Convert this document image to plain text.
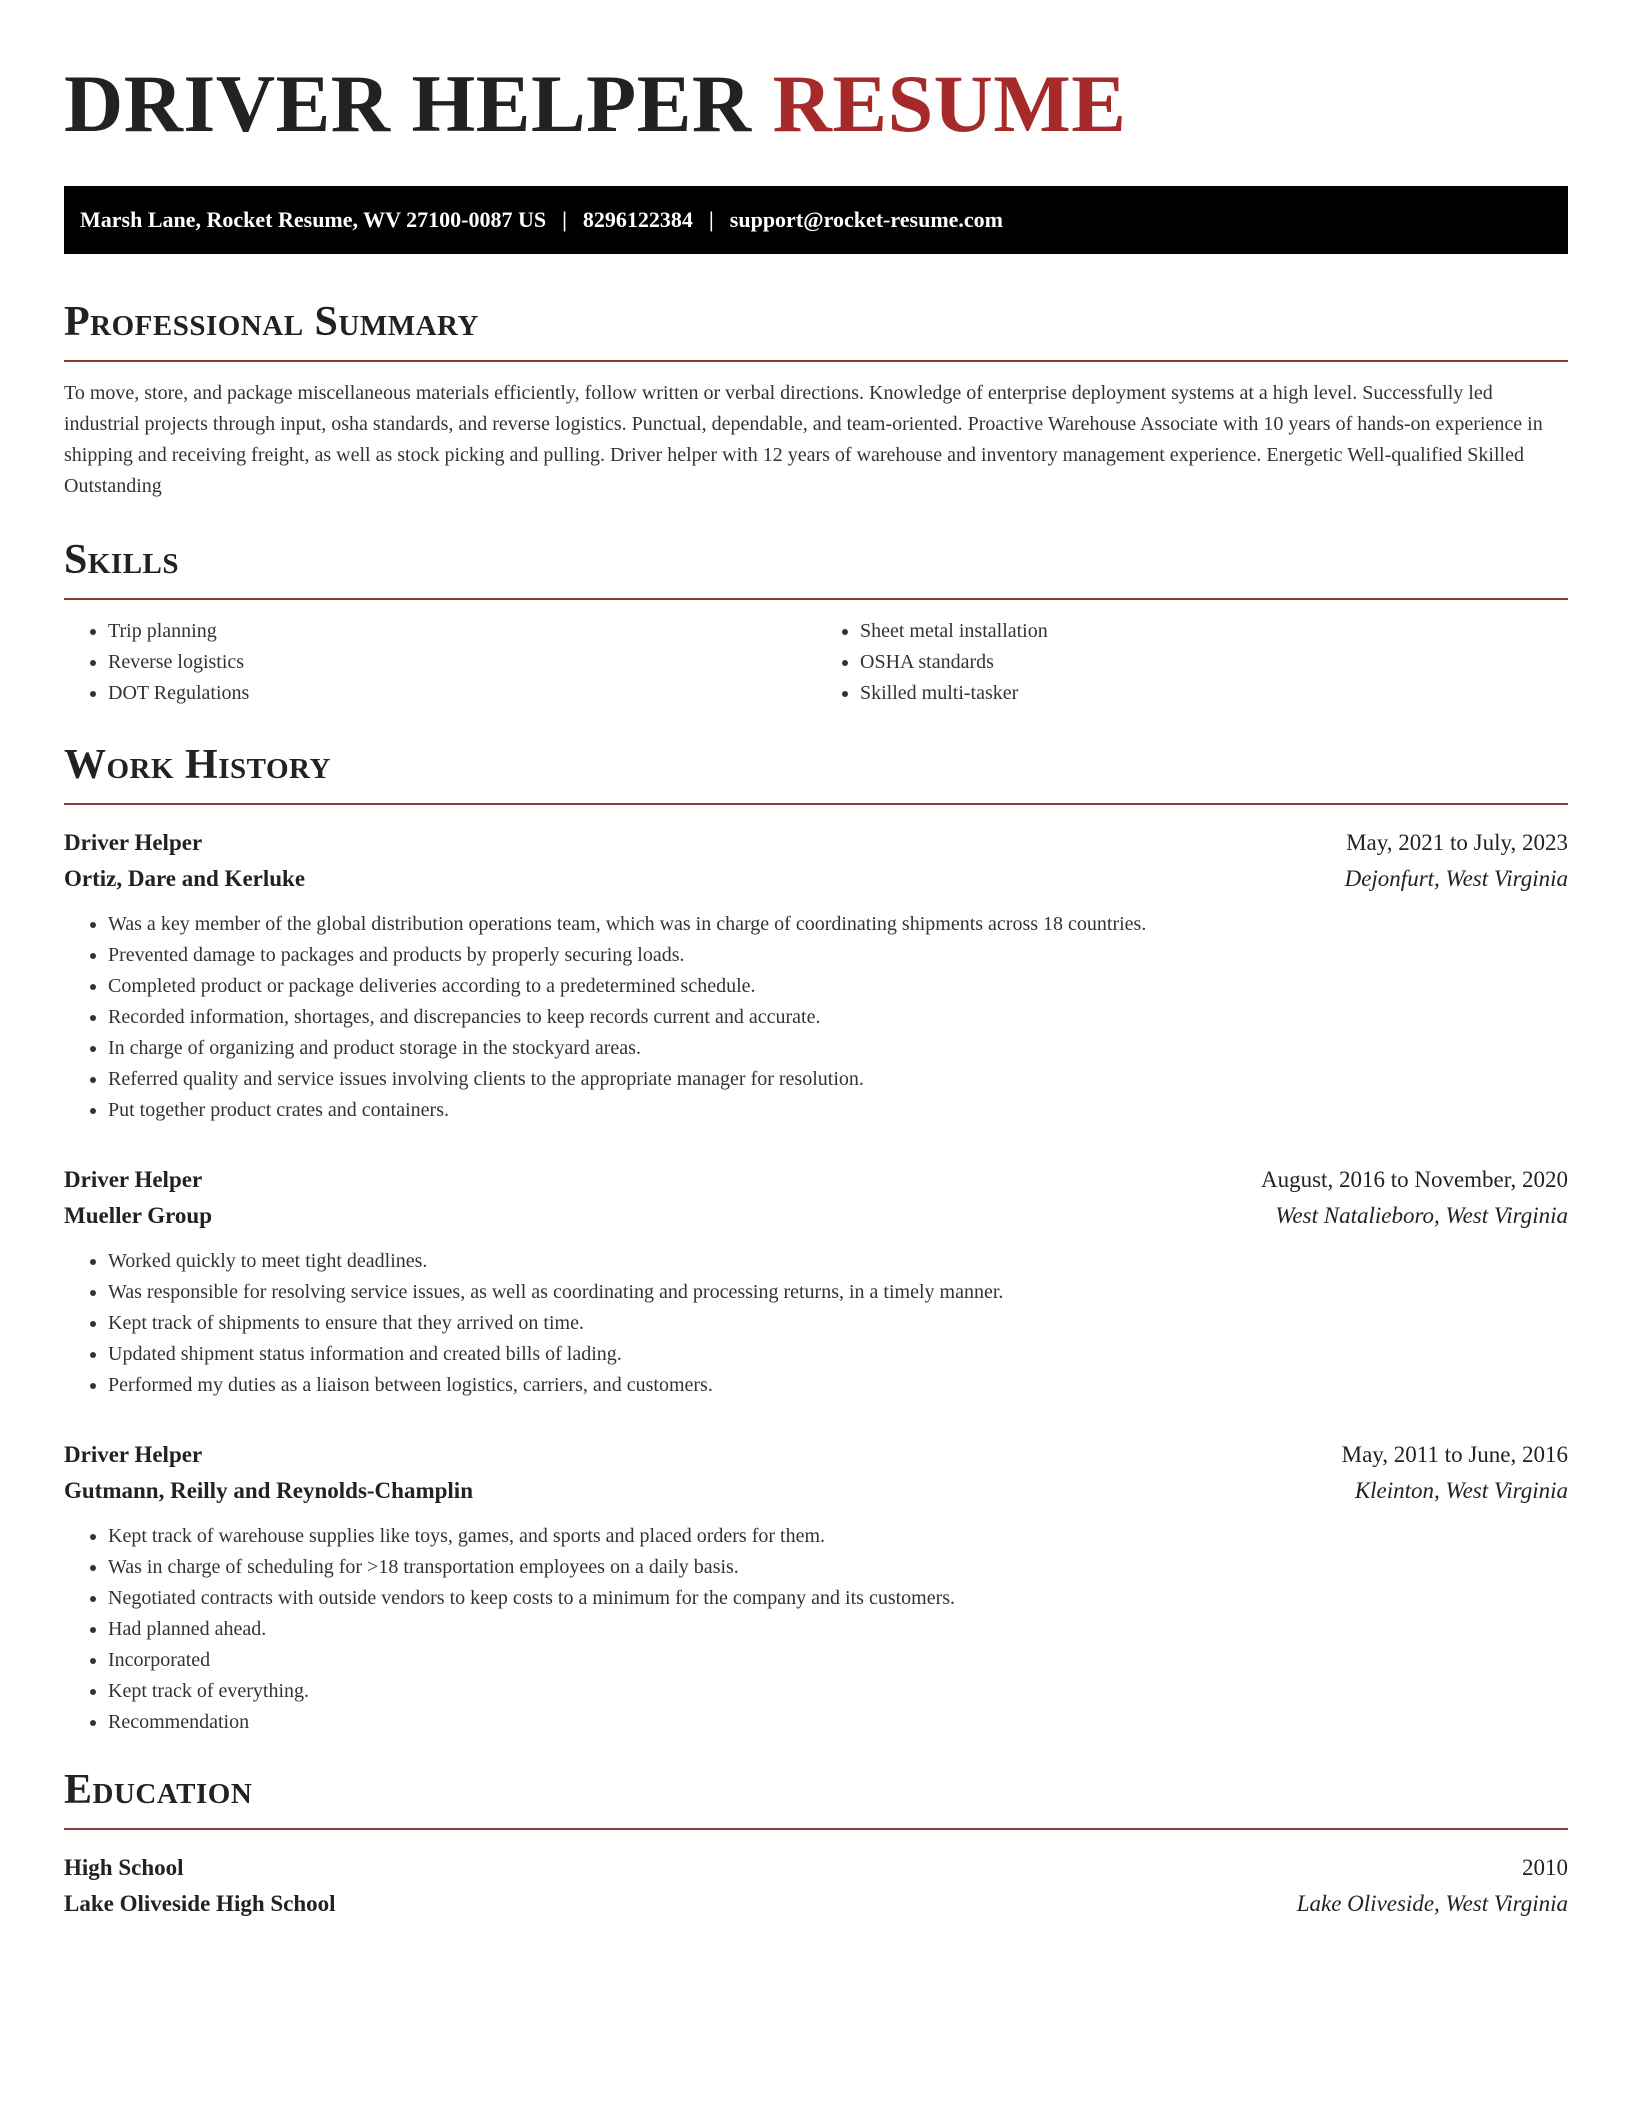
DRIVER HELPER RESUME
Marsh Lane, Rocket Resume, WV 27100-0087 US | 8296122384 | support@rocket-resume.com
Professional Summary

To move, store, and package miscellaneous materials efficiently, follow written or verbal directions. Knowledge of enterprise deployment systems at a high level. Successfully led industrial projects through input, osha standards, and reverse logistics. Punctual, dependable, and team-oriented. Proactive Warehouse Associate with 10 years of hands-on experience in shipping and receiving freight, as well as stock picking and pulling. Driver helper with 12 years of warehouse and inventory management experience. Energetic Well-qualified Skilled Outstanding

Skills
• Trip planning
• Reverse logistics
• DOT Regulations
• Sheet metal installation
• OSHA standards
• Skilled multi-tasker
Work History
Driver Helper	May, 2021 to July, 2023
Ortiz, Dare and Kerluke	Dejonfurt, West Virginia
• Was a key member of the global distribution operations team, which was in charge of coordinating shipments across 18 countries.
• Prevented damage to packages and products by properly securing loads.
• Completed product or package deliveries according to a predetermined schedule.
• Recorded information, shortages, and discrepancies to keep records current and accurate.
• In charge of organizing and product storage in the stockyard areas.
• Referred quality and service issues involving clients to the appropriate manager for resolution.
• Put together product crates and containers.
Driver Helper	August, 2016 to November, 2020
Mueller Group	West Natalieboro, West Virginia
• Worked quickly to meet tight deadlines.
• Was responsible for resolving service issues, as well as coordinating and processing returns, in a timely manner.
• Kept track of shipments to ensure that they arrived on time.
• Updated shipment status information and created bills of lading.
• Performed my duties as a liaison between logistics, carriers, and customers.
Driver Helper	May, 2011 to June, 2016
Gutmann, Reilly and Reynolds-Champlin	Kleinton, West Virginia
• Kept track of warehouse supplies like toys, games, and sports and placed orders for them.
• Was in charge of scheduling for >18 transportation employees on a daily basis.
• Negotiated contracts with outside vendors to keep costs to a minimum for the company and its customers.
• Had planned ahead.
• Incorporated
• Kept track of everything.
• Recommendation
Education
High School	2010
Lake Oliveside High School	Lake Oliveside, West Virginia
